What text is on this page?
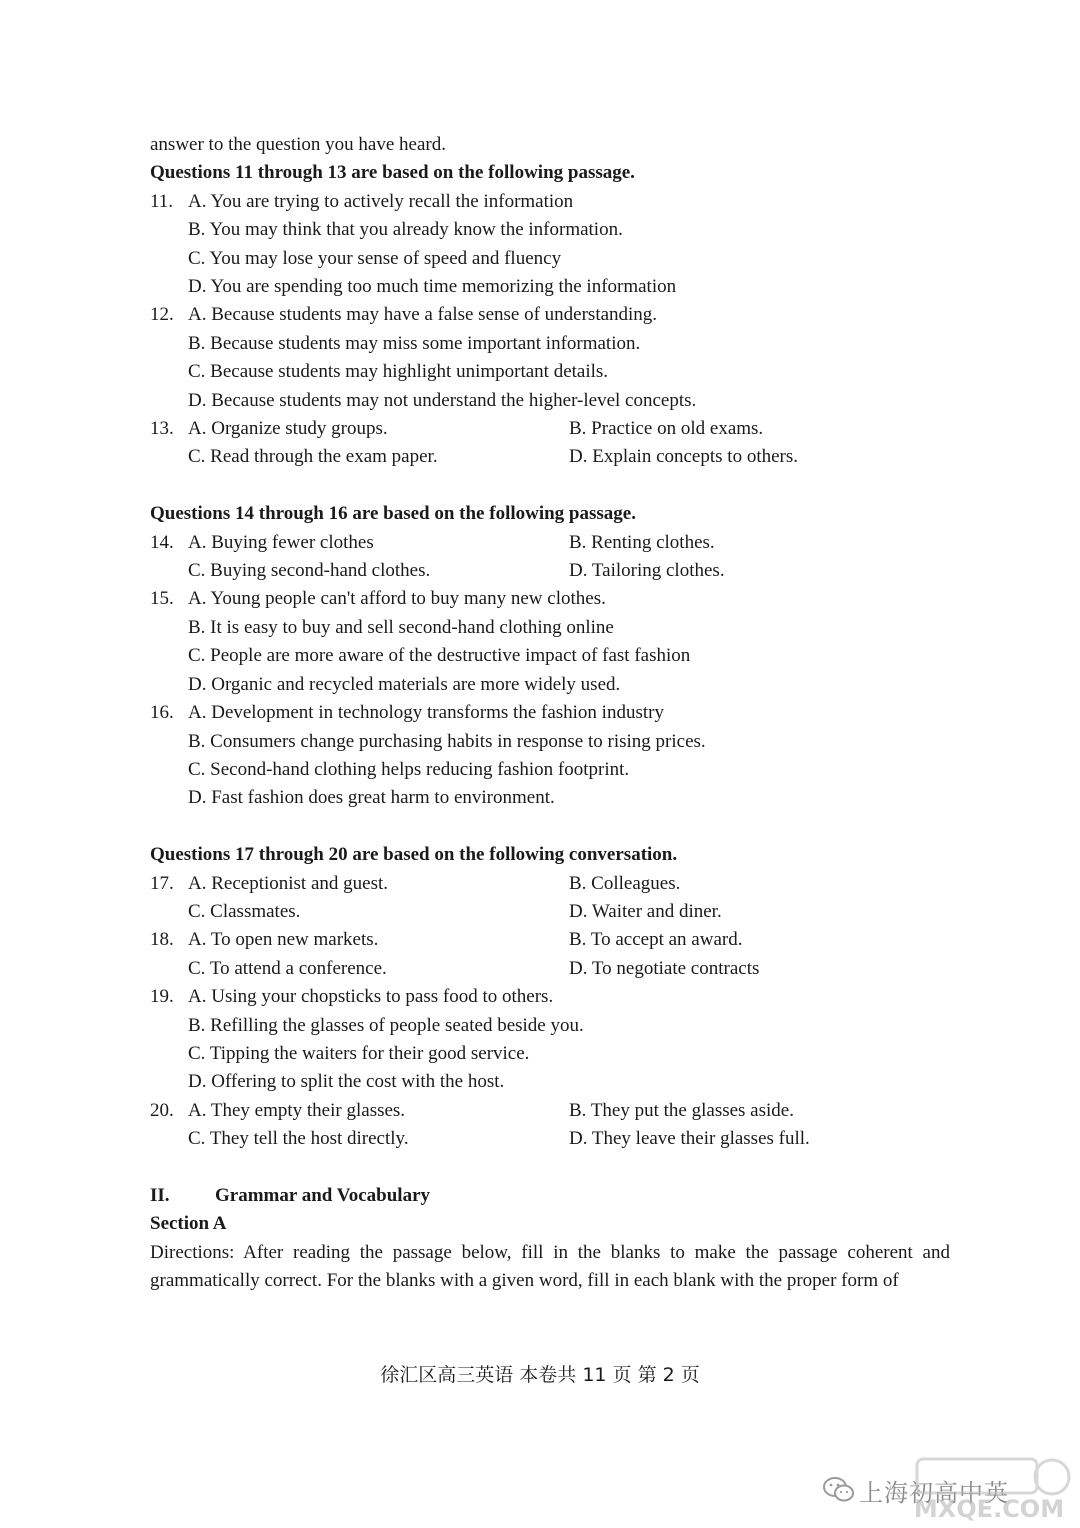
answer to the question you have heard.
Questions 11 through 13 are based on the following passage.
11. A. You are trying to actively recall the information
B. You may think that you already know the information.
C. You may lose your sense of speed and fluency
D. You are spending too much time memorizing the information
12. A. Because students may have a false sense of understanding.
B. Because students may miss some important information.
C. Because students may highlight unimportant details.
D. Because students may not understand the higher-level concepts.
13. A. Organize study groups.	B. Practice on old exams.
C. Read through the exam paper.	D. Explain concepts to others.
Questions 14 through 16 are based on the following passage.
14. A. Buying fewer clothes	B. Renting clothes.
C. Buying second-hand clothes.	D. Tailoring clothes.
15. A. Young people can't afford to buy many new clothes.
B. It is easy to buy and sell second-hand clothing online
C. People are more aware of the destructive impact of fast fashion
D. Organic and recycled materials are more widely used.
16. A. Development in technology transforms the fashion industry
B. Consumers change purchasing habits in response to rising prices.
C. Second-hand clothing helps reducing fashion footprint.
D. Fast fashion does great harm to environment.
Questions 17 through 20 are based on the following conversation.
17. A. Receptionist and guest.	B. Colleagues.
C. Classmates.	D. Waiter and diner.
18. A. To open new markets.	B. To accept an award.
C. To attend a conference.	D. To negotiate contracts
19. A. Using your chopsticks to pass food to others.
B. Refilling the glasses of people seated beside you.
C. Tipping the waiters for their good service.
D. Offering to split the cost with the host.
20. A. They empty their glasses.	B. They put the glasses aside.
C. They tell the host directly.	D. They leave their glasses full.
II.	Grammar and Vocabulary
Section A
Directions: After reading the passage below, fill in the blanks to make the passage coherent and
grammatically correct. For the blanks with a given word, fill in each blank with the proper form of
徐汇区高三英语 本卷共 11 页 第 2 页
上海初高中英
MXQE.COM
